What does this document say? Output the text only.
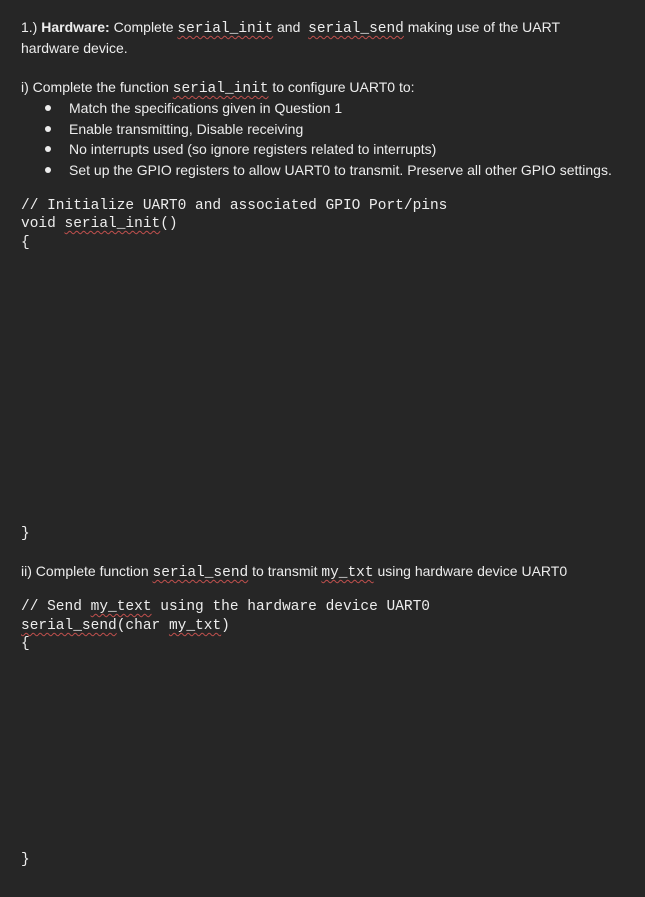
1.) Hardware: Complete serial_init and serial_send making use of the UART
hardware device.
i) Complete the function serial_init to configure UART0 to:
Match the specifications given in Question 1
Enable transmitting, Disable receiving
No interrupts used (so ignore registers related to interrupts)
Set up the GPIO registers to allow UART0 to transmit. Preserve all other GPIO settings.
// Initialize UART0 and associated GPIO Port/pins
void serial_init()
{
}
ii) Complete function serial_send to transmit my_txt using hardware device UART0
// Send my_text using the hardware device UART0
serial_send(char my_txt)
{
}
